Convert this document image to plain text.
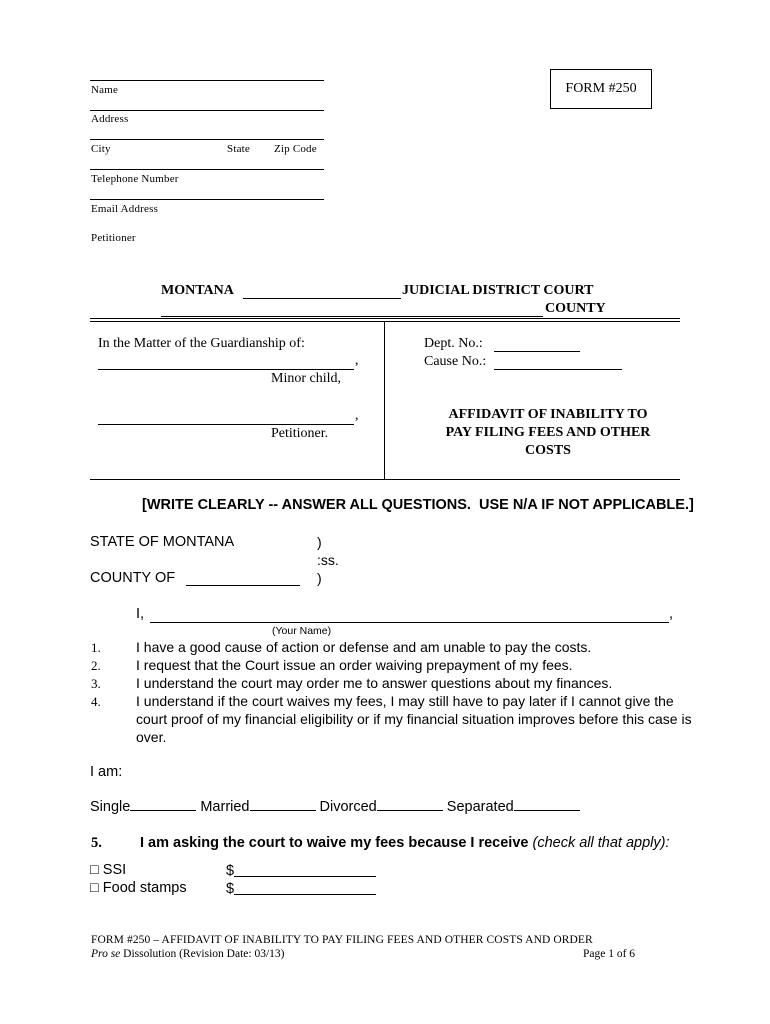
Name
Address
City	State Zip Code
Telephone Number
Email Address
Petitioner
FORM #250
MONTANA	JUDICIAL DISTRICT COURT
COUNTY
In the Matter of the Guardianship of:
,
Minor child,
,
Petitioner.
Dept. No.:
Cause No.:
AFFIDAVIT OF INABILITY TO
PAY FILING FEES AND OTHER
COSTS
[WRITE CLEARLY -- ANSWER ALL QUESTIONS.  USE N/A IF NOT APPLICABLE.]
STATE OF MONTANA	)
:ss.
COUNTY OF	)
I,	,
(Your Name)
1.	I have a good cause of action or defense and am unable to pay the costs.
2.	I request that the Court issue an order waiving prepayment of my fees.
3.	I understand the court may order me to answer questions about my finances.
4.	I understand if the court waives my fees, I may still have to pay later if I cannot give the court proof of my financial eligibility or if my financial situation improves before this case is over.
I am:
Single	Married	Divorced	Separated
5.	I am asking the court to waive my fees because I receive (check all that apply):
□ SSI	$
□ Food stamps	$
FORM #250 – AFFIDAVIT OF INABILITY TO PAY FILING FEES AND OTHER COSTS AND ORDER
Pro se Dissolution (Revision Date: 03/13)	Page 1 of 6
